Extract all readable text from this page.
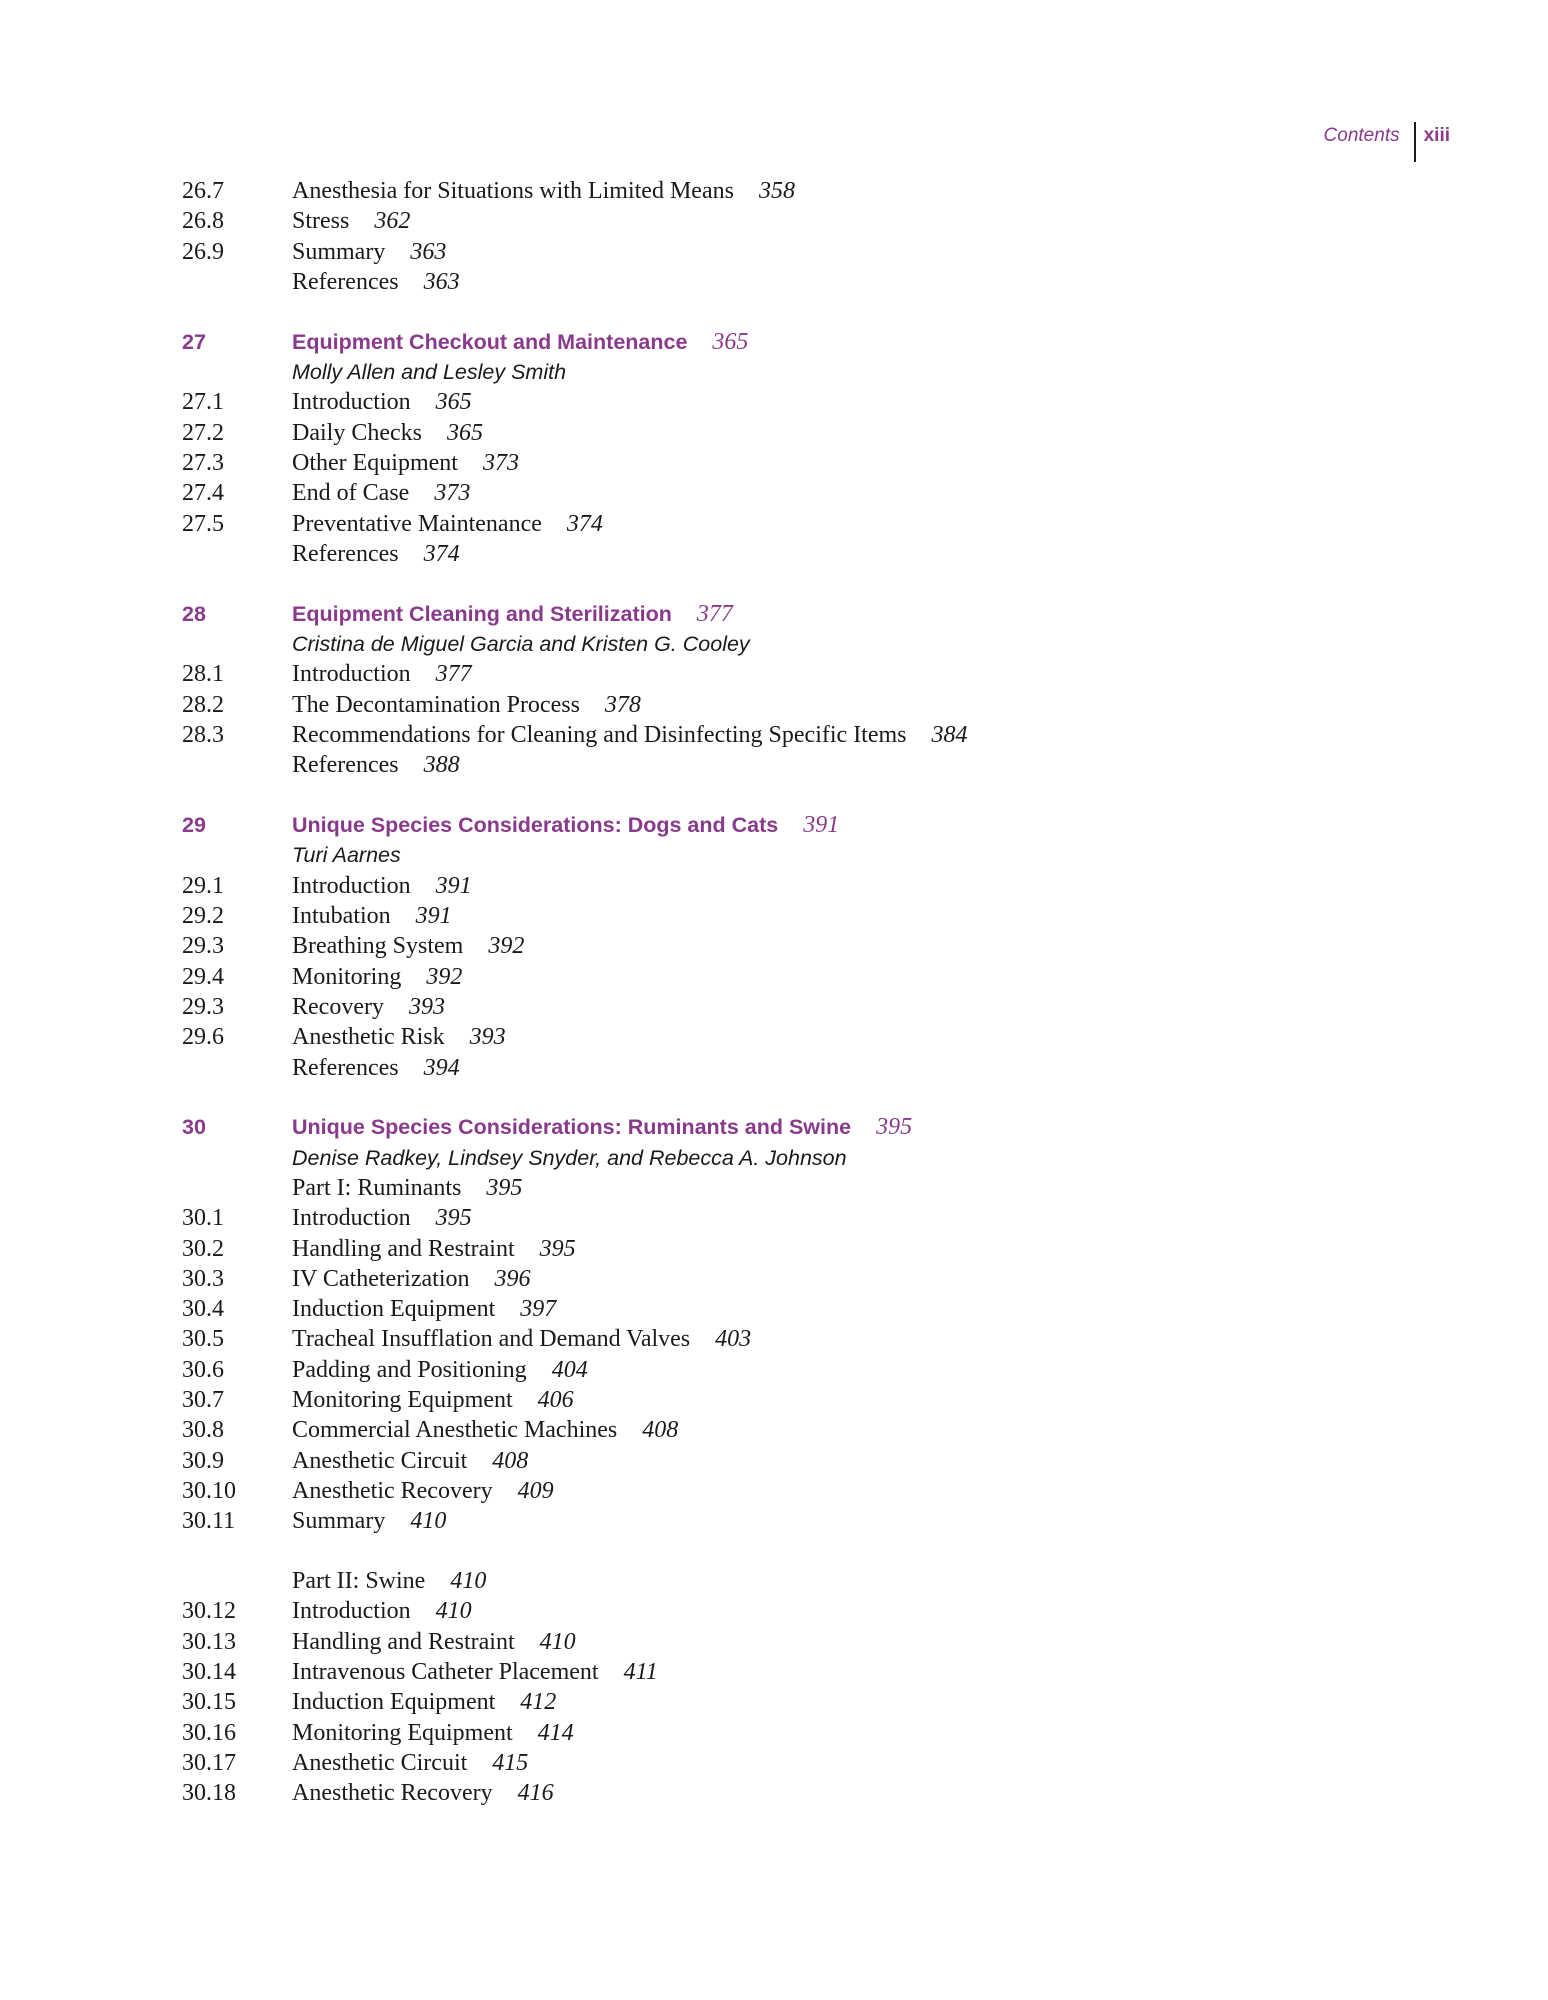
Contents	xiii
26.7	Anesthesia for Situations with Limited Means 358
26.8	Stress 362
26.9	Summary 363
References 363
27	Equipment Checkout and Maintenance 365
Molly Allen and Lesley Smith
27.1	Introduction 365
27.2	Daily Checks 365
27.3	Other Equipment 373
27.4	End of Case 373
27.5	Preventative Maintenance 374
References 374
28	Equipment Cleaning and Sterilization 377
Cristina de Miguel Garcia and Kristen G. Cooley
28.1	Introduction 377
28.2	The Decontamination Process 378
28.3	Recommendations for Cleaning and Disinfecting Specific Items 384
References 388
29	Unique Species Considerations: Dogs and Cats 391
Turi Aarnes
29.1	Introduction 391
29.2	Intubation 391
29.3	Breathing System 392
29.4	Monitoring 392
29.3	Recovery 393
29.6	Anesthetic Risk 393
References 394
30	Unique Species Considerations: Ruminants and Swine 395
Denise Radkey, Lindsey Snyder, and Rebecca A. Johnson
Part I: Ruminants 395
30.1	Introduction 395
30.2	Handling and Restraint 395
30.3	IV Catheterization 396
30.4	Induction Equipment 397
30.5	Tracheal Insufflation and Demand Valves 403
30.6	Padding and Positioning 404
30.7	Monitoring Equipment 406
30.8	Commercial Anesthetic Machines 408
30.9	Anesthetic Circuit 408
30.10	Anesthetic Recovery 409
30.11	Summary 410
Part II: Swine 410
30.12	Introduction 410
30.13	Handling and Restraint 410
30.14	Intravenous Catheter Placement 411
30.15	Induction Equipment 412
30.16	Monitoring Equipment 414
30.17	Anesthetic Circuit 415
30.18	Anesthetic Recovery 416
